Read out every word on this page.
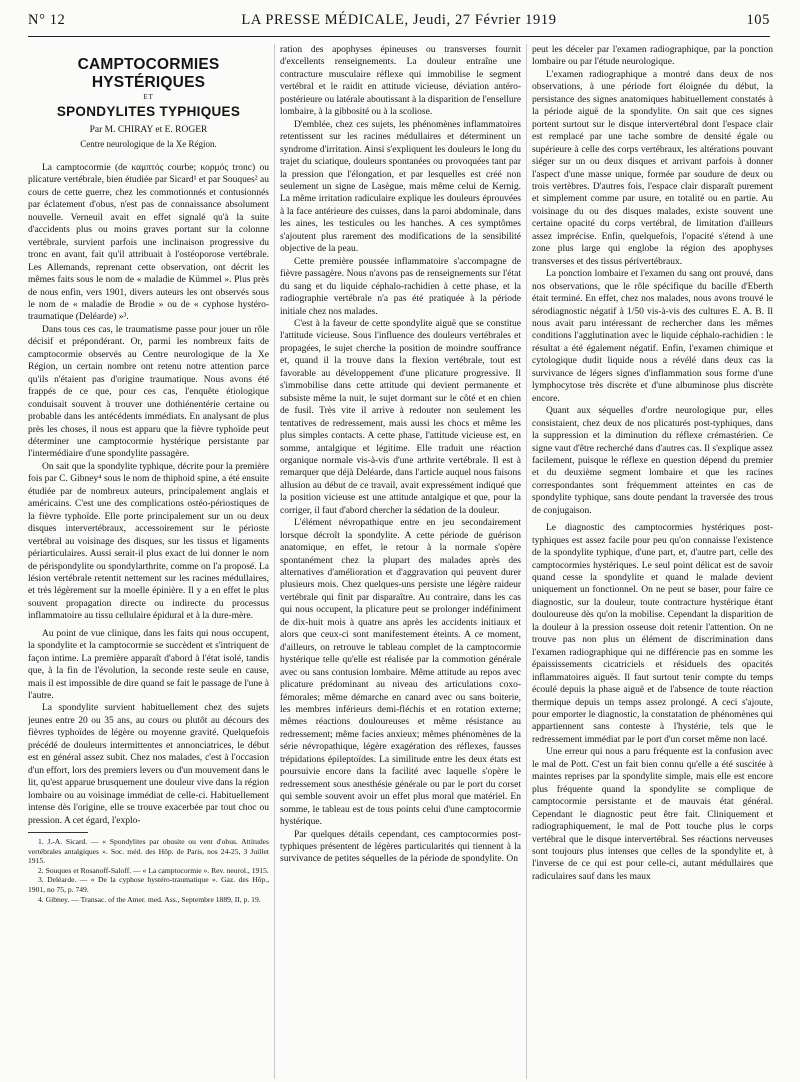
N° 12	LA PRESSE MÉDICALE, Jeudi, 27 Février 1919	105
CAMPTOCORMIES HYSTÉRIQUES
ET
SPONDYLITES TYPHIQUES
Par M. CHIRAY et E. ROGER
Centre neurologique de la Xe Région.

La camptocormie (de καμπτός courbe; κορμός tronc) ou plicature vertébrale, bien étudiée par Sicard¹ et par Souques² au cours de cette guerre, chez les commotionnés et contusionnés par éclatement d'obus, n'est pas de connaissance absolument nouvelle. Verneuil avait en effet signalé qu'à la suite d'accidents plus ou moins graves portant sur la colonne vertébrale, survient parfois une inclinaison progressive du tronc en avant, fait qu'il attribuait à l'ostéoporose vertébrale. Les Allemands, reprenant cette observation, ont décrit les mêmes faits sous le nom de « maladie de Kümmel ». Plus près de nous enfin, vers 1901, divers auteurs les ont observés sous le nom de « maladie de Brodie » ou de « cyphose hystéro-traumatique (Deléarde) »³.

Dans tous ces cas, le traumatisme passe pour jouer un rôle décisif et prépondérant. Or, parmi les nombreux faits de camptocormie observés au Centre neurologique de la Xe Région, un certain nombre ont retenu notre attention parce qu'ils n'étaient pas d'origine traumatique. Nous avons été frappés de ce que, pour ces cas, l'enquête étiologique conduisait souvent à trouver une dothiénentérie certaine ou probable dans les antécédents immédiats. En analysant de plus près les choses, il nous est apparu que la fièvre typhoïde peut déterminer une camptocormie hystérique persistante par l'intermédiaire d'une spondylite passagère.

On sait que la spondylite typhique, décrite pour la première fois par C. Gibney⁴ sous le nom de thiphoid spine, a été ensuite étudiée par de nombreux auteurs, principalement anglais et américains. C'est une des complications ostéo-périostiques de la fièvre typhoïde. Elle porte principalement sur un ou deux disques intervertébraux, accessoirement sur le périoste vertébral au voisinage des disques, sur les tissus et ligaments périarticulaires. Aussi serait-il plus exact de lui donner le nom de périspondylite ou spondylarthrite, comme on l'a proposé. La lésion vertébrale retentit nettement sur les racines médullaires, et très légèrement sur la moelle épinière. Il y a en effet le plus souvent propagation directe ou indirecte du processus inflammatoire au tissu cellulaire épidural et à la dure-mère.

Au point de vue clinique, dans les faits qui nous occupent, la spondylite et la camptocormie se succèdent et s'intriquent de façon intime. La première apparaît d'abord à l'état isolé, tandis que, à la fin de l'évolution, la seconde reste seule en cause, mais il est impossible de dire quand se fait le passage de l'une à l'autre.

La spondylite survient habituellement chez des sujets jeunes entre 20 ou 35 ans, au cours ou plutôt au décours des fièvres typhoïdes de légère ou moyenne gravité. Quelquefois précédé de douleurs intermittentes et annonciatrices, le début est en général assez subit. Chez nos malades, c'est à l'occasion d'un effort, lors des premiers levers ou d'un mouvement dans le lit, qu'est apparue brusquement une douleur vive dans la région lombaire ou au voisinage immédiat de celle-ci. Habituellement intense dès l'origine, elle se trouve exacerbée par tout choc ou pression. A cet égard, l'explo-

1. J.-A. Sicard. — « Spondylites par obusite ou vent d'obus. Attitudes vertébrales antalgiques ». Soc. méd. des Hôp. de Paris, nos 24-25, 3 Juillet 1915.

2. Souques et Rosanoff-Saloff. — « La camptocormie ». Rev. neurol., 1915.

3. Deléarde. — « De la cyphose hystéro-traumatique ». Gaz. des Hôp., 1901, no 75, p. 749.

4. Gibney. — Transac. of the Amer. med. Ass., Septembre 1889, II, p. 19.

ration des apophyses épineuses ou transverses fournit d'excellents renseignements. La douleur entraîne une contracture musculaire réflexe qui immobilise le segment vertébral et le raidit en attitude vicieuse, déviation antéro-postérieure ou latérale aboutissant à la disparition de l'ensellure lombaire, à la gibbosité ou à la scoliose.

D'emblée, chez ces sujets, les phénomènes inflammatoires retentissent sur les racines médullaires et déterminent un syndrome d'irritation. Ainsi s'expliquent les douleurs le long du trajet du sciatique, douleurs spontanées ou provoquées tant par la pression que l'élongation, et par lesquelles est créé non seulement un signe de Lasègue, mais même celui de Kernig. La même irritation radiculaire explique les douleurs éprouvées à la face antérieure des cuisses, dans la paroi abdominale, dans les aines, les testicules ou les hanches. A ces symptômes s'ajoutent plus rarement des modifications de la sensibilité objective de la peau.

Cette première poussée inflammatoire s'accompagne de fièvre passagère. Nous n'avons pas de renseignements sur l'état du sang et du liquide céphalo-rachidien à cette phase, et la radiographie vertébrale n'a pas été pratiquée à la période initiale chez nos malades.

C'est à la faveur de cette spondylite aiguë que se constitue l'attitude vicieuse. Sous l'influence des douleurs vertébrales et propagées, le sujet cherche la position de moindre souffrance et, quand il la trouve dans la flexion vertébrale, tout est favorable au développement d'une plicature progressive. Il s'immobilise dans cette attitude qui devient permanente et subsiste même la nuit, le sujet dormant sur le côté et en chien de fusil. Très vite il arrive à redouter non seulement les tentatives de redressement, mais aussi les chocs et même les plus simples contacts. A cette phase, l'attitude vicieuse est, en somme, antalgique et légitime. Elle traduit une réaction organique normale vis-à-vis d'une arthrite vertébrale. Il est à remarquer que déjà Deléarde, dans l'article auquel nous faisons allusion au début de ce travail, avait expressément indiqué que la position vicieuse est une attitude antalgique et que, pour la corriger, il faut d'abord chercher la sédation de la douleur.

L'élément névropathique entre en jeu secondairement lorsque décroît la spondylite. A cette période de guérison anatomique, en effet, le retour à la normale s'opère spontanément chez la plupart des malades après des alternatives d'amélioration et d'aggravation qui peuvent durer plusieurs mois. Chez quelques-uns persiste une légère raideur vertébrale qui finit par disparaître. Au contraire, dans les cas qui nous occupent, la plicature peut se prolonger indéfiniment de dix-huit mois à quatre ans après les accidents initiaux et alors que ceux-ci sont manifestement éteints. A ce moment, d'ailleurs, on retrouve le tableau complet de la camptocormie hystérique telle qu'elle est réalisée par la commotion générale avec ou sans contusion lombaire. Même attitude au repos avec plicature prédominant au niveau des articulations coxo-fémorales; même démarche en canard avec ou sans boiterie, les membres inférieurs demi-fléchis et en rotation externe; mêmes réactions douloureuses et même résistance au redressement; même facies anxieux; mêmes phénomènes de la série névropathique, légère exagération des réflexes, fausses trépidations épileptoïdes. La similitude entre les deux états est poursuivie encore dans la facilité avec laquelle s'opère le redressement sous anesthésie générale ou par le port du corset qui semble souvent avoir un effet plus moral que matériel. En somme, le tableau est de tous points celui d'une camptocormie hystérique.

Par quelques détails cependant, ces camptocormies post-typhiques présentent de légères particularités qui tiennent à la survivance de petites séquelles de la période de spondylite. On

peut les déceler par l'examen radiographique, par la ponction lombaire ou par l'étude neurologique.

L'examen radiographique a montré dans deux de nos observations, à une période fort éloignée du début, la persistance des signes anatomiques habituellement constatés à la période aiguë de la spondylite. On sait que ces signes portent surtout sur le disque intervertébral dont l'espace clair est remplacé par une tache sombre de densité égale ou supérieure à celle des corps vertébraux, les altérations pouvant siéger sur un ou deux disques et arrivant parfois à donner l'aspect d'une masse unique, formée par soudure de deux ou trois vertèbres. D'autres fois, l'espace clair disparaît purement et simplement comme par usure, en totalité ou en partie. Au voisinage du ou des disques malades, existe souvent une certaine opacité du corps vertébral, de limitation d'ailleurs assez imprécise. Enfin, quelquefois, l'opacité s'étend à une zone plus large qui englobe la région des apophyses transverses et des tissus périvertébraux.

La ponction lombaire et l'examen du sang ont prouvé, dans nos observations, que le rôle spécifique du bacille d'Eberth était terminé. En effet, chez nos malades, nous avons trouvé le sérodiagnostic négatif à 1/50 vis-à-vis des cultures E. A. B. Il nous avait paru intéressant de rechercher dans les mêmes conditions l'agglutination avec le liquide céphalo-rachidien : le résultat a été également négatif. Enfin, l'examen chimique et cytologique dudit liquide nous a révélé dans deux cas la survivance de légers signes d'inflammation sous forme d'une lymphocytose très discrète et d'une albuminose plus discrète encore.

Quant aux séquelles d'ordre neurologique pur, elles consistaient, chez deux de nos plicaturés post-typhiques, dans la suppression et la diminution du réflexe crémastérien. Ce signe vaut d'être recherché dans d'autres cas. Il s'explique assez facilement, puisque le réflexe en question dépend du premier et du deuxième segment lombaire et que les racines correspondantes sont fréquemment atteintes en cas de spondylite typhique, sans doute pendant la traversée des trous de conjugaison.

Le diagnostic des camptocormies hystériques post-typhiques est assez facile pour peu qu'on connaisse l'existence de la spondylite typhique, d'une part, et, d'autre part, celle des camptocormies hystériques. Le seul point délicat est de savoir quand cesse la spondylite et quand le malade devient uniquement un fonctionnel. On ne peut se baser, pour faire ce diagnostic, sur la douleur, toute contracture hystérique étant douloureuse dès qu'on la mobilise. Cependant la disparition de la douleur à la pression osseuse doit retenir l'attention. On ne trouve pas non plus un élément de discrimination dans l'examen radiographique qui ne différencie pas en somme les épaississements cicatriciels et résiduels des opacités inflammatoires aiguës. Il faut surtout tenir compte du temps écoulé depuis la phase aiguë et de l'absence de toute réaction thermique depuis un temps assez prolongé. A ceci s'ajoute, pour emporter le diagnostic, la constatation de phénomènes qui appartiennent sans conteste à l'hystérie, tels que le redressement immédiat par le port d'un corset même non lacé.

Une erreur qui nous a paru fréquente est la confusion avec le mal de Pott. C'est un fait bien connu qu'elle a été suscitée à maintes reprises par la spondylite simple, mais elle est encore plus fréquente quand la spondylite se complique de camptocormie persistante et de mauvais état général. Cependant le diagnostic peut être fait. Cliniquement et radiographiquement, le mal de Pott touche plus le corps vertébral que le disque intervertébral. Ses réactions nerveuses sont toujours plus intenses que celles de la spondylite et, à l'inverse de ce qui est pour celle-ci, autant médullaires que radiculaires sauf dans les maux
